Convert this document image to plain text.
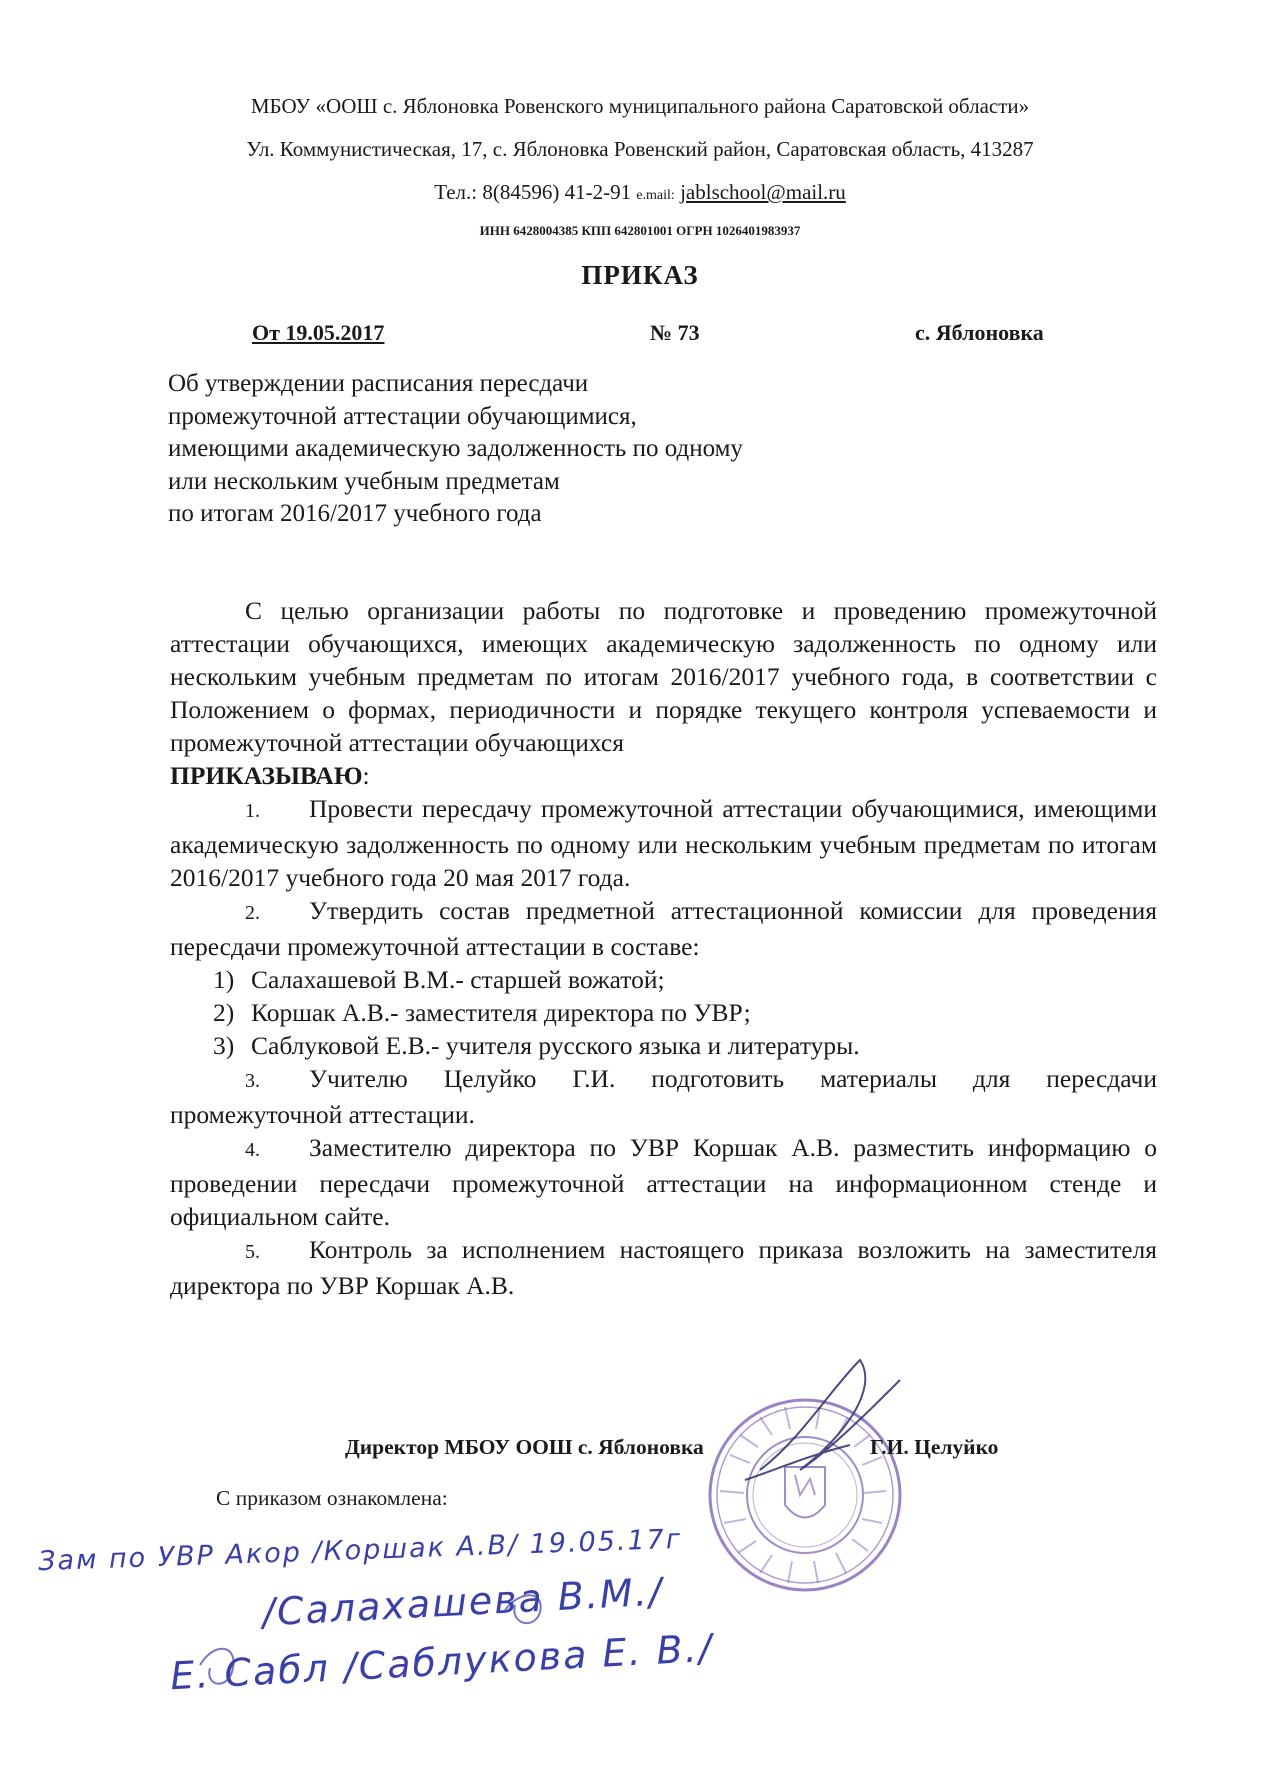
МБОУ «ООШ с. Яблоновка Ровенского муниципального района Саратовской области»
Ул. Коммунистическая, 17, с. Яблоновка Ровенский район, Саратовская область, 413287
Тел.: 8(84596) 41-2-91 e.mail: jablschool@mail.ru
ИНН 6428004385 КПП 642801001 ОГРН 1026401983937
ПРИКАЗ
От 19.05.2017	№ 73	с. Яблоновка
Об утверждении расписания пересдачи
промежуточной аттестации обучающимися,
имеющими академическую задолженность по одному
или нескольким учебным предметам
по итогам 2016/2017 учебного года
С целью организации работы по подготовке и проведению промежуточной аттестации обучающихся, имеющих академическую задолженность по одному или нескольким учебным предметам по итогам 2016/2017 учебного года, в соответствии с Положением о формах, периодичности и порядке текущего контроля успеваемости и промежуточной аттестации обучающихся
ПРИКАЗЫВАЮ:
1. Провести пересдачу промежуточной аттестации обучающимися, имеющими академическую задолженность по одному или нескольким учебным предметам по итогам 2016/2017 учебного года 20 мая 2017 года.
2. Утвердить состав предметной аттестационной комиссии для проведения пересдачи промежуточной аттестации в составе:
1) Салахашевой В.М.- старшей вожатой;
2) Коршак А.В.- заместителя директора по УВР;
3) Саблуковой Е.В.- учителя русского языка и литературы.
3. Учителю Целуйко Г.И. подготовить материалы для пересдачи промежуточной аттестации.
4. Заместителю директора по УВР Коршак А.В. разместить информацию о проведении пересдачи промежуточной аттестации на информационном стенде и официальном сайте.
5. Контроль за исполнением настоящего приказа возложить на заместителя директора по УВР Коршак А.В.
Директор МБОУ ООШ с. Яблоновка	Г.И. Целуйко
С приказом ознакомлена:
Зам по УВР Акор /Коршак А.В/ 19.05.17г
/Салахашева В.М./
Е. Сабл /Саблукова Е. В./
